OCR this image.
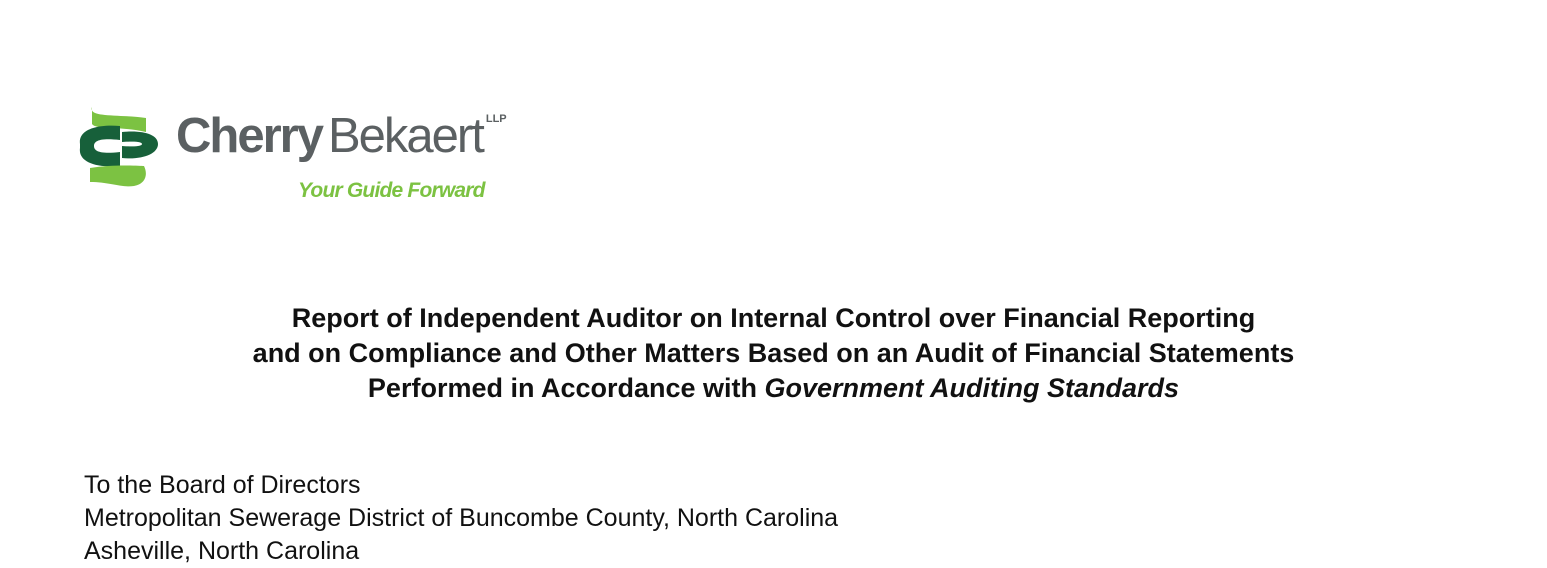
Cherry Bekaert $^{LLP}$
Your Guide Forward
Report of Independent Auditor on Internal Control over Financial Reporting
and on Compliance and Other Matters Based on an Audit of Financial Statements
Performed in Accordance with Government Auditing Standards
To the Board of Directors
Metropolitan Sewerage District of Buncombe County, North Carolina
Asheville, North Carolina
